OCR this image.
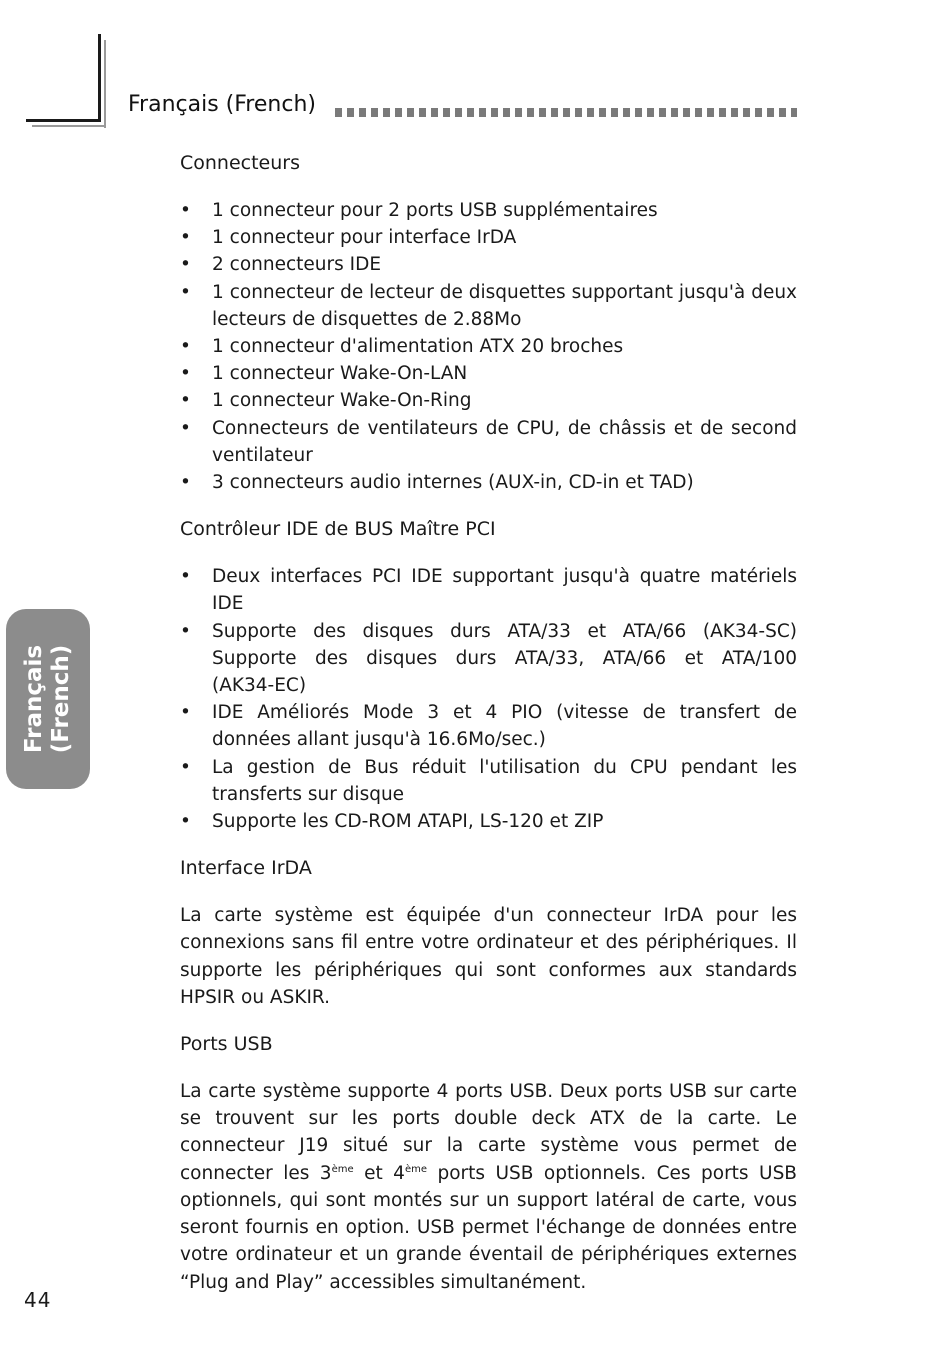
Français (French)
Français (French)
Connecteurs
• 1 connecteur pour 2 ports USB supplémentaires
• 1 connecteur pour interface IrDA
• 2 connecteurs IDE
• 1 connecteur de lecteur de disquettes supportant jusqu'à deux lecteurs de disquettes de 2.88Mo
• 1 connecteur d'alimentation ATX 20 broches
• 1 connecteur Wake-On-LAN
• 1 connecteur Wake-On-Ring
• Connecteurs de ventilateurs de CPU, de châssis et de second ventilateur
• 3 connecteurs audio internes (AUX-in, CD-in et TAD)
Contrôleur IDE de BUS Maître PCI
• Deux interfaces PCI IDE supportant jusqu'à quatre matériels IDE
• Supporte des disques durs ATA/33 et ATA/66 (AK34-SC)
Supporte des disques durs ATA/33, ATA/66 et ATA/100
(AK34-EC)
• IDE Améliorés Mode 3 et 4 PIO (vitesse de transfert de données allant jusqu'à 16.6Mo/sec.)
• La gestion de Bus réduit l'utilisation du CPU pendant les transferts sur disque
• Supporte les CD-ROM ATAPI, LS-120 et ZIP
Interface IrDA

La carte système est équipée d'un connecteur IrDA pour les connexions sans fil entre votre ordinateur et des périphériques. Il supporte les périphériques qui sont conformes aux standards HPSIR ou ASKIR.

Ports USB

La carte système supporte 4 ports USB. Deux ports USB sur carte se trouvent sur les ports double deck ATX de la carte. Le connecteur J19 situé sur la carte système vous permet de connecter les 3ème et 4ème ports USB optionnels. Ces ports USB optionnels, qui sont montés sur un support latéral de carte, vous seront fournis en option. USB permet l'échange de données entre votre ordinateur et un grande éventail de périphériques externes “Plug and Play” accessibles simultanément.

44
